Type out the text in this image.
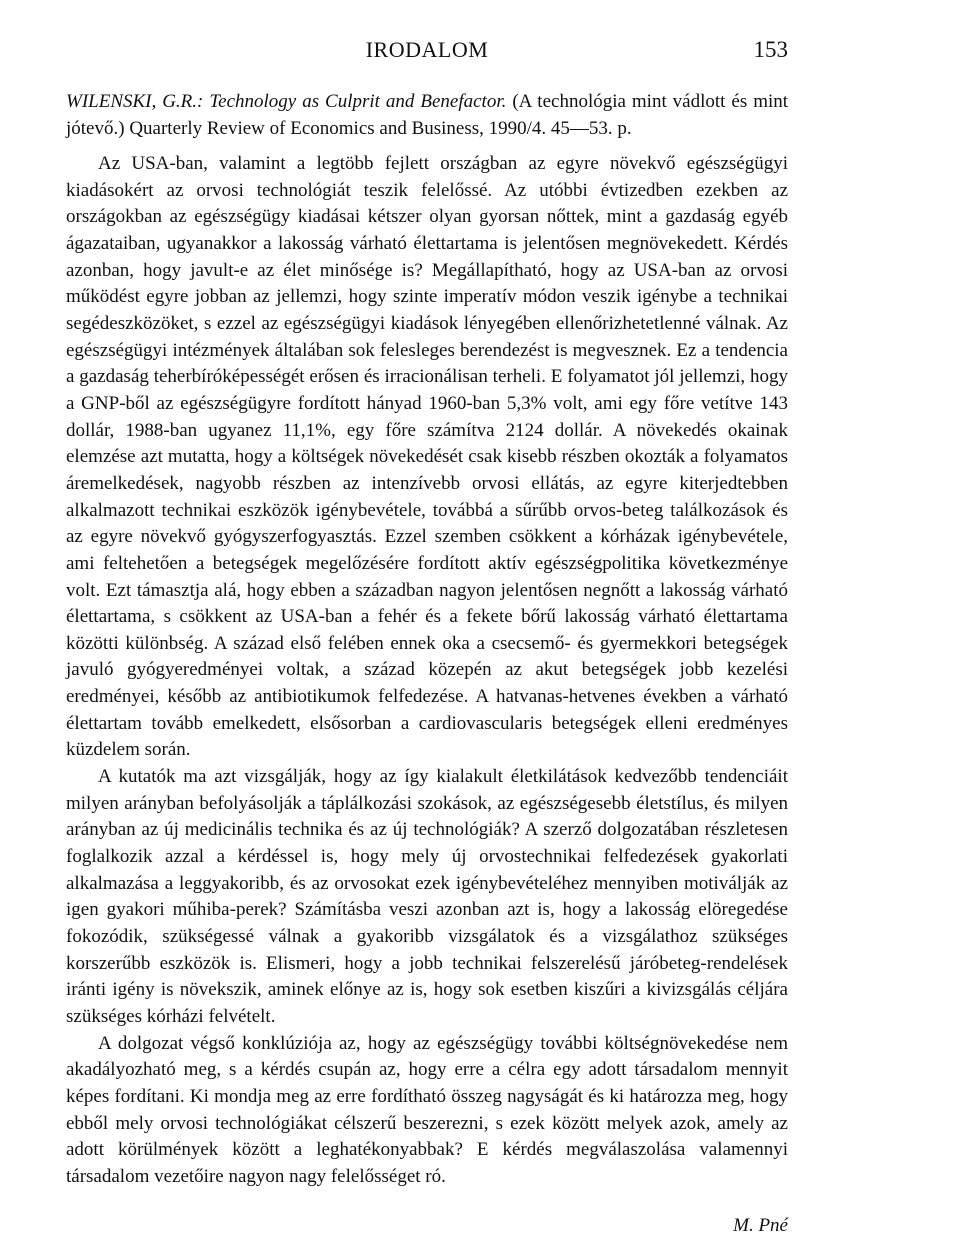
IRODALOM	153
WILENSKI, G.R.: Technology as Culprit and Benefactor. (A technológia mint vádlott és mint jótevő.) Quarterly Review of Economics and Business, 1990/4. 45—53. p.

Az USA-ban, valamint a legtöbb fejlett országban az egyre növekvő egészségügyi kiadásokért az orvosi technológiát teszik felelőssé. Az utóbbi évtizedben ezekben az országokban az egészségügy kiadásai kétszer olyan gyorsan nőttek, mint a gazdaság egyéb ágazataiban, ugyanakkor a lakosság várható élettartama is jelentősen megnövekedett. Kérdés azonban, hogy javult-e az élet minősége is? Megállapítható, hogy az USA-ban az orvosi működést egyre jobban az jellemzi, hogy szinte imperatív módon veszik igénybe a technikai segédeszközöket, s ezzel az egészségügyi kiadások lényegében ellenőrizhetetlenné válnak. Az egészségügyi intézmények általában sok felesleges berendezést is megvesznek. Ez a tendencia a gazdaság teherbíróképességét erősen és irracionálisan terheli. E folyamatot jól jellemzi, hogy a GNP-ből az egészségügyre fordított hányad 1960-ban 5,3% volt, ami egy főre vetítve 143 dollár, 1988-ban ugyanez 11,1%, egy főre számítva 2124 dollár. A növekedés okainak elemzése azt mutatta, hogy a költségek növekedését csak kisebb részben okozták a folyamatos áremelkedések, nagyobb részben az intenzívebb orvosi ellátás, az egyre kiterjedtebben alkalmazott technikai eszközök igénybevétele, továbbá a sűrűbb orvos-beteg találkozások és az egyre növekvő gyógyszerfogyasztás. Ezzel szemben csökkent a kórházak igénybevétele, ami feltehetően a betegségek megelőzésére fordított aktív egészségpolitika következménye volt. Ezt támasztja alá, hogy ebben a században nagyon jelentősen negnőtt a lakosság várható élettartama, s csökkent az USA-ban a fehér és a fekete bőrű lakosság várható élettartama közötti különbség. A század első felében ennek oka a csecsemő- és gyermekkori betegségek javuló gyógyeredményei voltak, a század közepén az akut betegségek jobb kezelési eredményei, később az antibiotikumok felfedezése. A hatvanas-hetvenes években a várható élettartam tovább emelkedett, elsősorban a cardiovascularis betegségek elleni eredményes küzdelem során.

A kutatók ma azt vizsgálják, hogy az így kialakult életkilátások kedvezőbb tendenciáit milyen arányban befolyásolják a táplálkozási szokások, az egészségesebb életstílus, és milyen arányban az új medicinális technika és az új technológiák? A szerző dolgozatában részletesen foglalkozik azzal a kérdéssel is, hogy mely új orvostechnikai felfedezések gyakorlati alkalmazása a leggyakoribb, és az orvosokat ezek igénybevételéhez mennyiben motiválják az igen gyakori műhiba-perek? Számításba veszi azonban azt is, hogy a lakosság elöregedése fokozódik, szükségessé válnak a gyakoribb vizsgálatok és a vizsgálathoz szükséges korszerűbb eszközök is. Elismeri, hogy a jobb technikai felszerelésű járóbeteg-rendelések iránti igény is növekszik, aminek előnye az is, hogy sok esetben kiszűri a kivizsgálás céljára szükséges kórházi felvételt.

A dolgozat végső konklúziója az, hogy az egészségügy további költségnövekedése nem akadályozható meg, s a kérdés csupán az, hogy erre a célra egy adott társadalom mennyit képes fordítani. Ki mondja meg az erre fordítható összeg nagyságát és ki határozza meg, hogy ebből mely orvosi technológiákat célszerű beszerezni, s ezek között melyek azok, amely az adott körülmények között a leghatékonyabbak? E kérdés megválaszolása valamennyi társadalom vezetőire nagyon nagy felelősséget ró.

M. Pné
